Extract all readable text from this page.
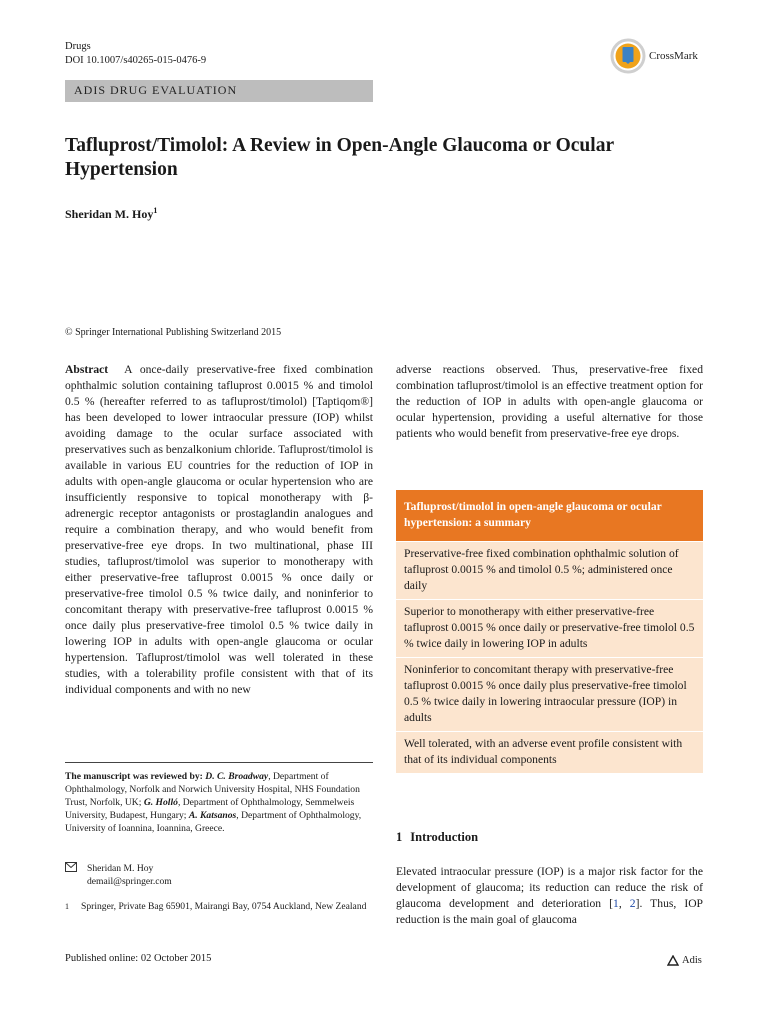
Drugs
DOI 10.1007/s40265-015-0476-9	CrossMark
ADIS DRUG EVALUATION
Tafluprost/Timolol: A Review in Open-Angle Glaucoma or Ocular Hypertension
Sheridan M. Hoy$^1$
© Springer International Publishing Switzerland 2015
Abstract A once-daily preservative-free fixed combination ophthalmic solution containing tafluprost 0.0015 % and timolol 0.5 % (hereafter referred to as tafluprost/timolol) [Taptiqom®] has been developed to lower intraocular pressure (IOP) whilst avoiding damage to the ocular surface associated with preservatives such as benzalkonium chloride. Tafluprost/timolol is available in various EU countries for the reduction of IOP in adults with open-angle glaucoma or ocular hypertension who are insufficiently responsive to topical monotherapy with β-adrenergic receptor antagonists or prostaglandin analogues and require a combination therapy, and who would benefit from preservative-free eye drops. In two multinational, phase III studies, tafluprost/timolol was superior to monotherapy with either preservative-free tafluprost 0.0015 % once daily or preservative-free timolol 0.5 % twice daily, and noninferior to concomitant therapy with preservative-free tafluprost 0.0015 % once daily plus preservative-free timolol 0.5 % twice daily in lowering IOP in adults with open-angle glaucoma or ocular hypertension. Tafluprost/timolol was well tolerated in these studies, with a tolerability profile consistent with that of its individual components and with no new
The manuscript was reviewed by: D. C. Broadway, Department of Ophthalmology, Norfolk and Norwich University Hospital, NHS Foundation Trust, Norfolk, UK; G. Holló, Department of Ophthalmology, Semmelweis University, Budapest, Hungary; A. Katsanos, Department of Ophthalmology, University of Ioannina, Ioannina, Greece.
Sheridan M. Hoy
demail@springer.com
1 Springer, Private Bag 65901, Mairangi Bay, 0754 Auckland, New Zealand
adverse reactions observed. Thus, preservative-free fixed combination tafluprost/timolol is an effective treatment option for the reduction of IOP in adults with open-angle glaucoma or ocular hypertension, providing a useful alternative for those patients who would benefit from preservative-free eye drops.
Tafluprost/timolol in open-angle glaucoma or ocular hypertension: a summary
Preservative-free fixed combination ophthalmic solution of tafluprost 0.0015 % and timolol 0.5 %; administered once daily
Superior to monotherapy with either preservative-free tafluprost 0.0015 % once daily or preservative-free timolol 0.5 % twice daily in lowering IOP in adults
Noninferior to concomitant therapy with preservative-free tafluprost 0.0015 % once daily plus preservative-free timolol 0.5 % twice daily in lowering intraocular pressure (IOP) in adults
Well tolerated, with an adverse event profile consistent with that of its individual components
1 Introduction
Elevated intraocular pressure (IOP) is a major risk factor for the development of glaucoma; its reduction can reduce the risk of glaucoma development and deterioration [1, 2]. Thus, IOP reduction is the main goal of glaucoma
Published online: 02 October 2015	Adis
